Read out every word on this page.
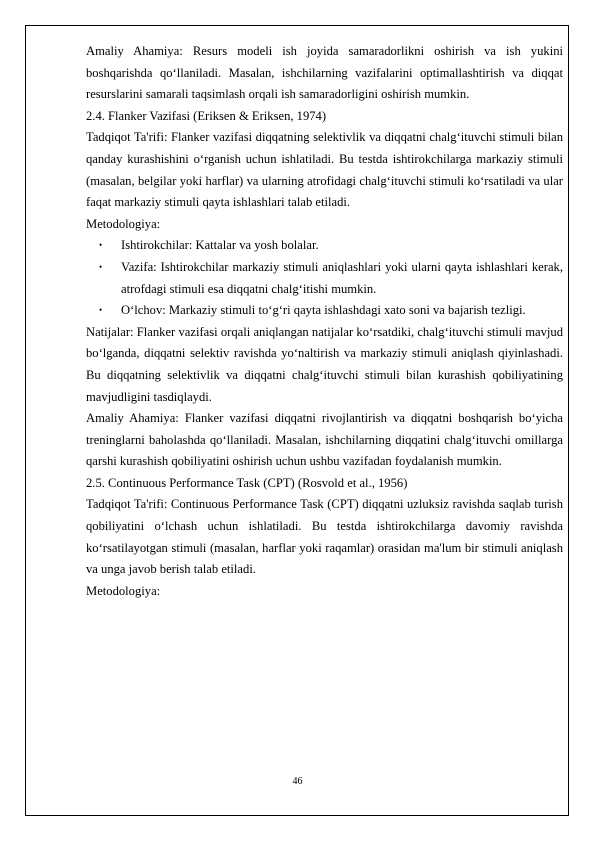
Amaliy Ahamiya: Resurs modeli ish joyida samaradorlikni oshirish va ish yukini boshqarishda qo‘llaniladi. Masalan, ishchilarning vazifalarini optimallashtirish va diqqat resurslarini samarali taqsimlash orqali ish samaradorligini oshirish mumkin.

2.4. Flanker Vazifasi (Eriksen & Eriksen, 1974)

Tadqiqot Ta'rifi: Flanker vazifasi diqqatning selektivlik va diqqatni chalg‘ituvchi stimuli bilan qanday kurashishini o‘rganish uchun ishlatiladi. Bu testda ishtirokchilarga markaziy stimuli (masalan, belgilar yoki harflar) va ularning atrofidagi chalg‘ituvchi stimuli ko‘rsatiladi va ular faqat markaziy stimuli qayta ishlashlari talab etiladi.

Metodologiya:

• Ishtirokchilar: Kattalar va yosh bolalar.
• Vazifa: Ishtirokchilar markaziy stimuli aniqlashlari yoki ularni qayta ishlashlari kerak, atrofdagi stimuli esa diqqatni chalg‘itishi mumkin.
• O‘lchov: Markaziy stimuli to‘g‘ri qayta ishlashdagi xato soni va bajarish tezligi.

Natijalar: Flanker vazifasi orqali aniqlangan natijalar ko‘rsatdiki, chalg‘ituvchi stimuli mavjud bo‘lganda, diqqatni selektiv ravishda yo‘naltirish va markaziy stimuli aniqlash qiyinlashadi. Bu diqqatning selektivlik va diqqatni chalg‘ituvchi stimuli bilan kurashish qobiliyatining mavjudligini tasdiqlaydi.

Amaliy Ahamiya: Flanker vazifasi diqqatni rivojlantirish va diqqatni boshqarish bo‘yicha treninglarni baholashda qo‘llaniladi. Masalan, ishchilarning diqqatini chalg‘ituvchi omillarga qarshi kurashish qobiliyatini oshirish uchun ushbu vazifadan foydalanish mumkin.

2.5. Continuous Performance Task (CPT) (Rosvold et al., 1956)

Tadqiqot Ta'rifi: Continuous Performance Task (CPT) diqqatni uzluksiz ravishda saqlab turish qobiliyatini o‘lchash uchun ishlatiladi. Bu testda ishtirokchilarga davomiy ravishda ko‘rsatilayotgan stimuli (masalan, harflar yoki raqamlar) orasidan ma'lum bir stimuli aniqlash va unga javob berish talab etiladi.

Metodologiya:

46
